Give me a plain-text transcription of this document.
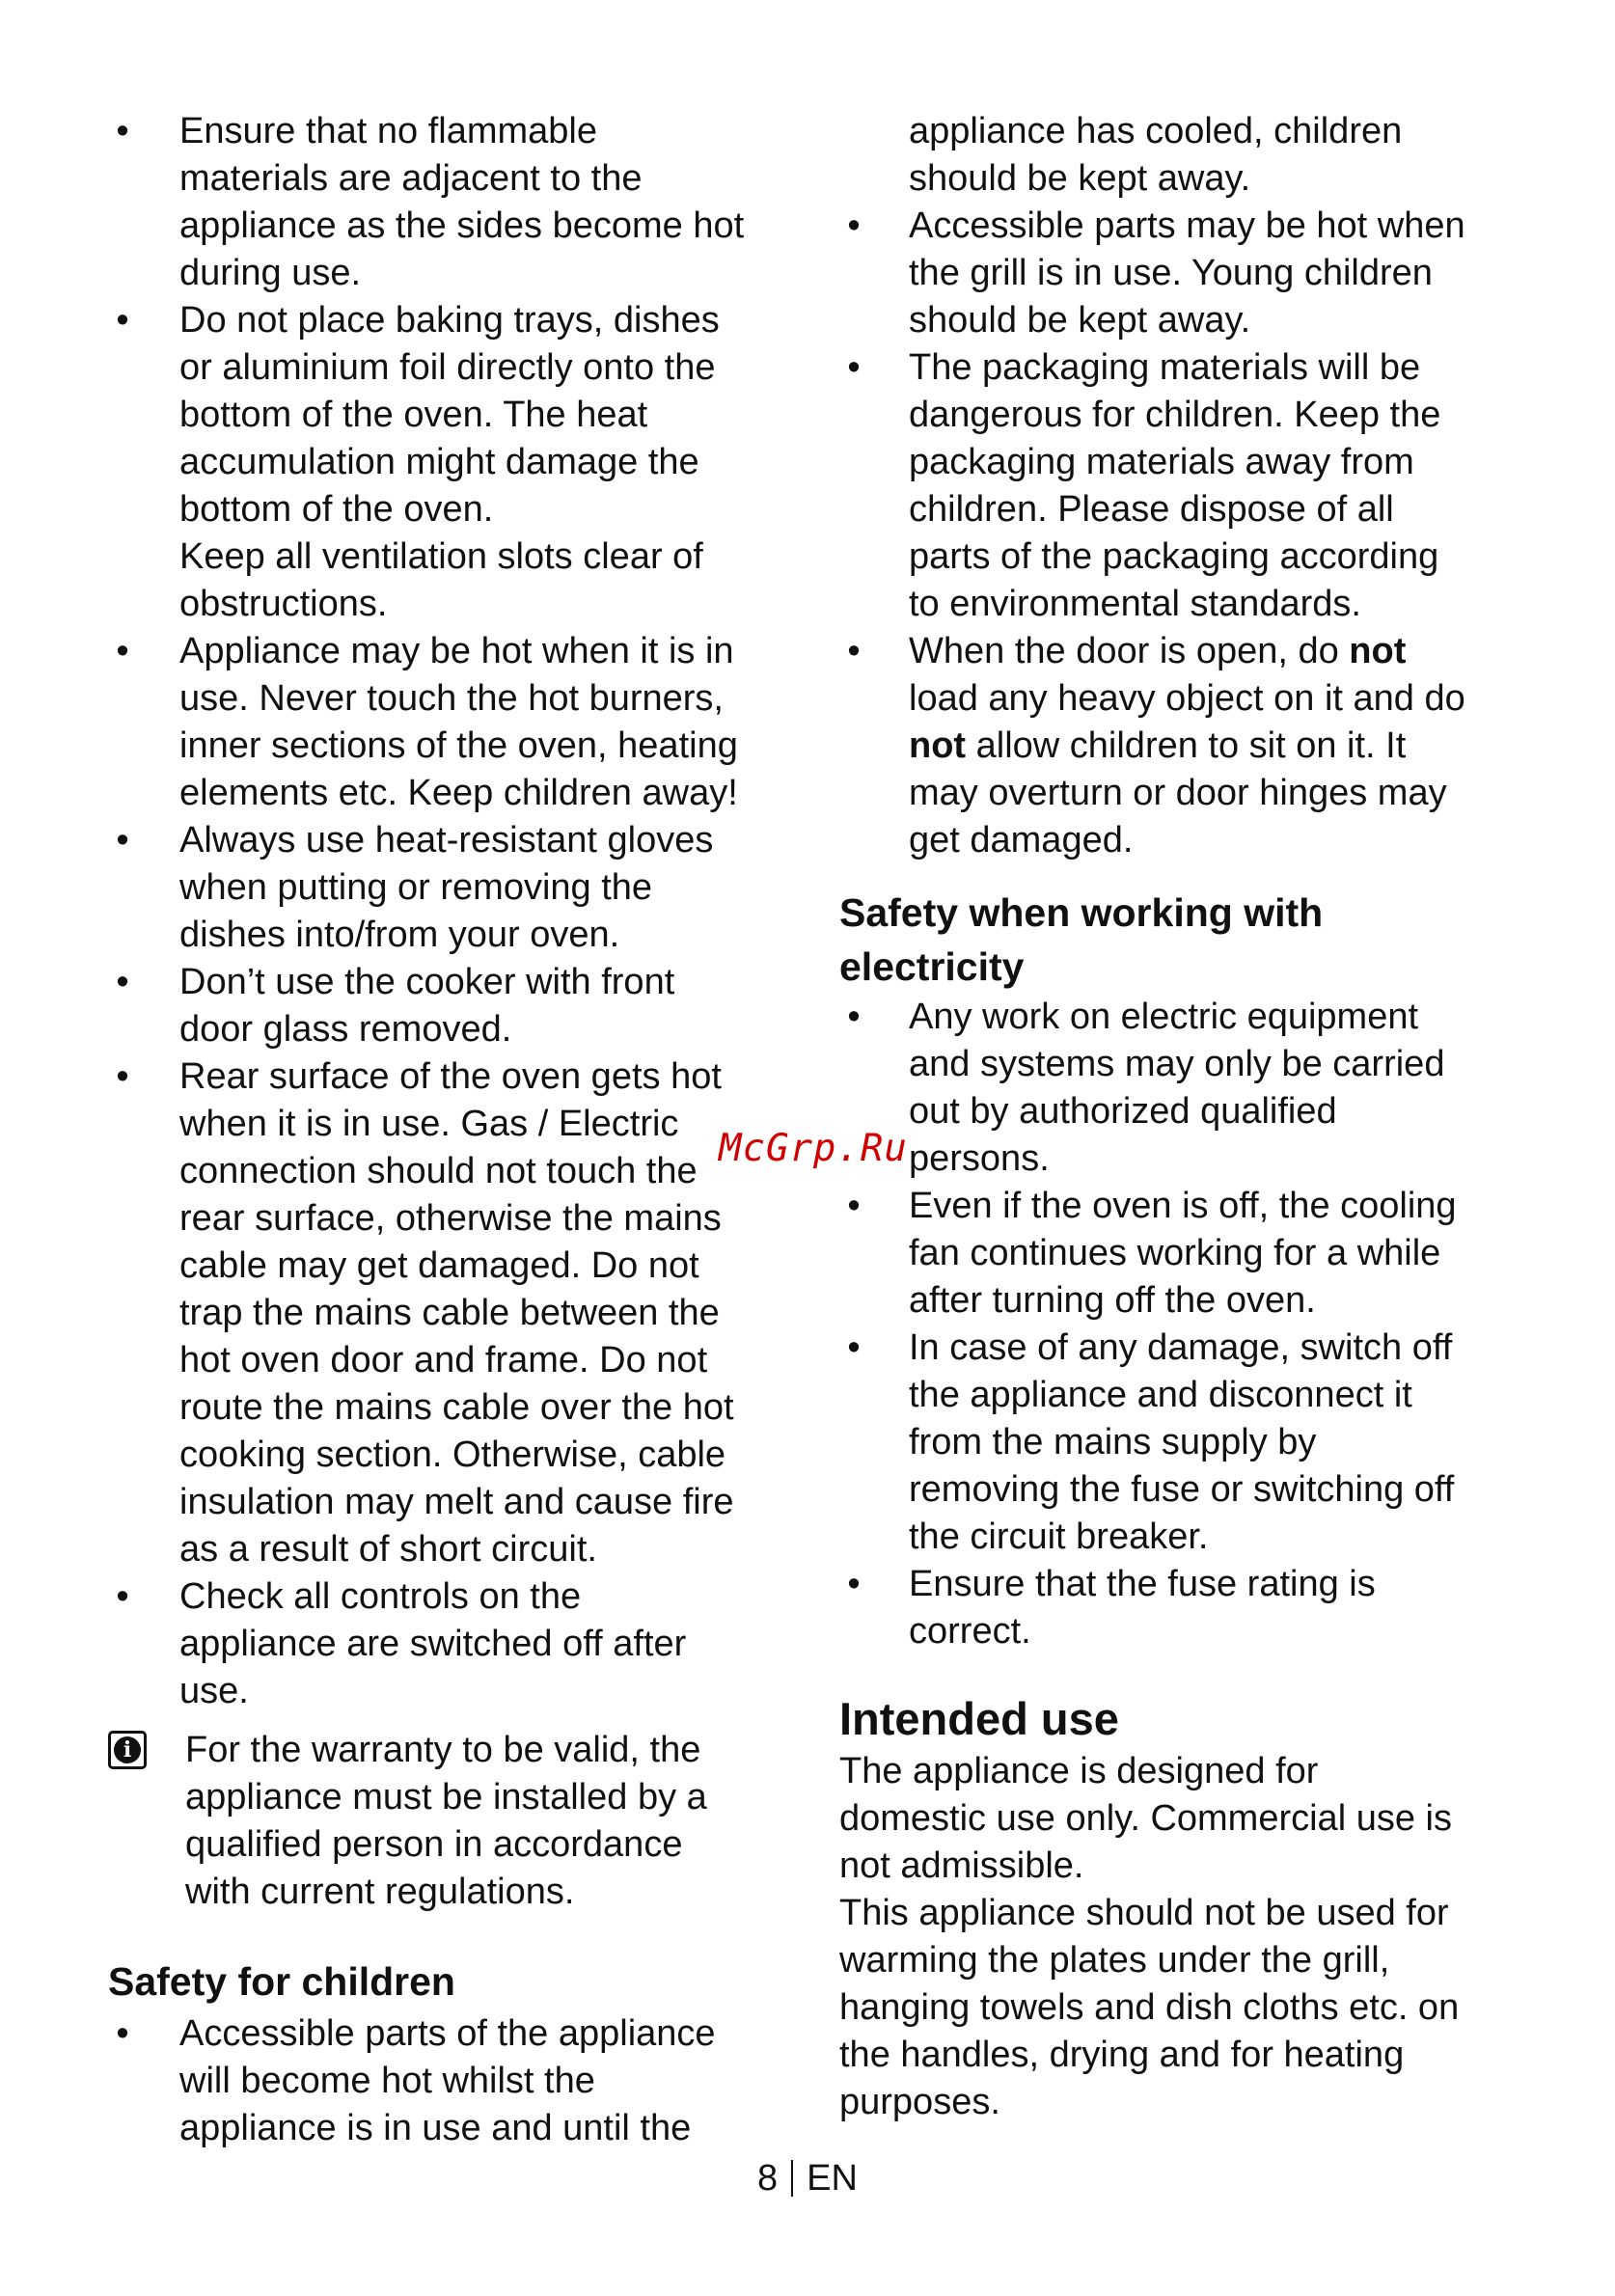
• Ensure that no flammable
materials are adjacent to the
appliance as the sides become hot
during use.
• Do not place baking trays, dishes
or aluminium foil directly onto the
bottom of the oven. The heat
accumulation might damage the
bottom of the oven.
Keep all ventilation slots clear of
obstructions.
• Appliance may be hot when it is in
use. Never touch the hot burners,
inner sections of the oven, heating
elements etc. Keep children away!
• Always use heat-resistant gloves
when putting or removing the
dishes into/from your oven.
• Don’t use the cooker with front
door glass removed.
• Rear surface of the oven gets hot
when it is in use. Gas / Electric
connection should not touch the
rear surface, otherwise the mains
cable may get damaged. Do not
trap the mains cable between the
hot oven door and frame. Do not
route the mains cable over the hot
cooking section. Otherwise, cable
insulation may melt and cause fire
as a result of short circuit.
• Check all controls on the
appliance are switched off after
use.
i For the warranty to be valid, the
appliance must be installed by a
qualified person in accordance
with current regulations.
Safety for children
• Accessible parts of the appliance
will become hot whilst the
appliance is in use and until the
appliance has cooled, children
should be kept away.
• Accessible parts may be hot when
the grill is in use. Young children
should be kept away.
• The packaging materials will be
dangerous for children. Keep the
packaging materials away from
children. Please dispose of all
parts of the packaging according
to environmental standards.
• When the door is open, do not
load any heavy object on it and do
not allow children to sit on it. It
may overturn or door hinges may
get damaged.
Safety when working with
electricity
• Any work on electric equipment
and systems may only be carried
out by authorized qualified
persons.
• Even if the oven is off, the cooling
fan continues working for a while
after turning off the oven.
• In case of any damage, switch off
the appliance and disconnect it
from the mains supply by
removing the fuse or switching off
the circuit breaker.
• Ensure that the fuse rating is
correct.
Intended use
The appliance is designed for
domestic use only. Commercial use is
not admissible.
This appliance should not be used for
warming the plates under the grill,
hanging towels and dish cloths etc. on
the handles, drying and for heating
purposes.
McGrp.Ru
8 EN
